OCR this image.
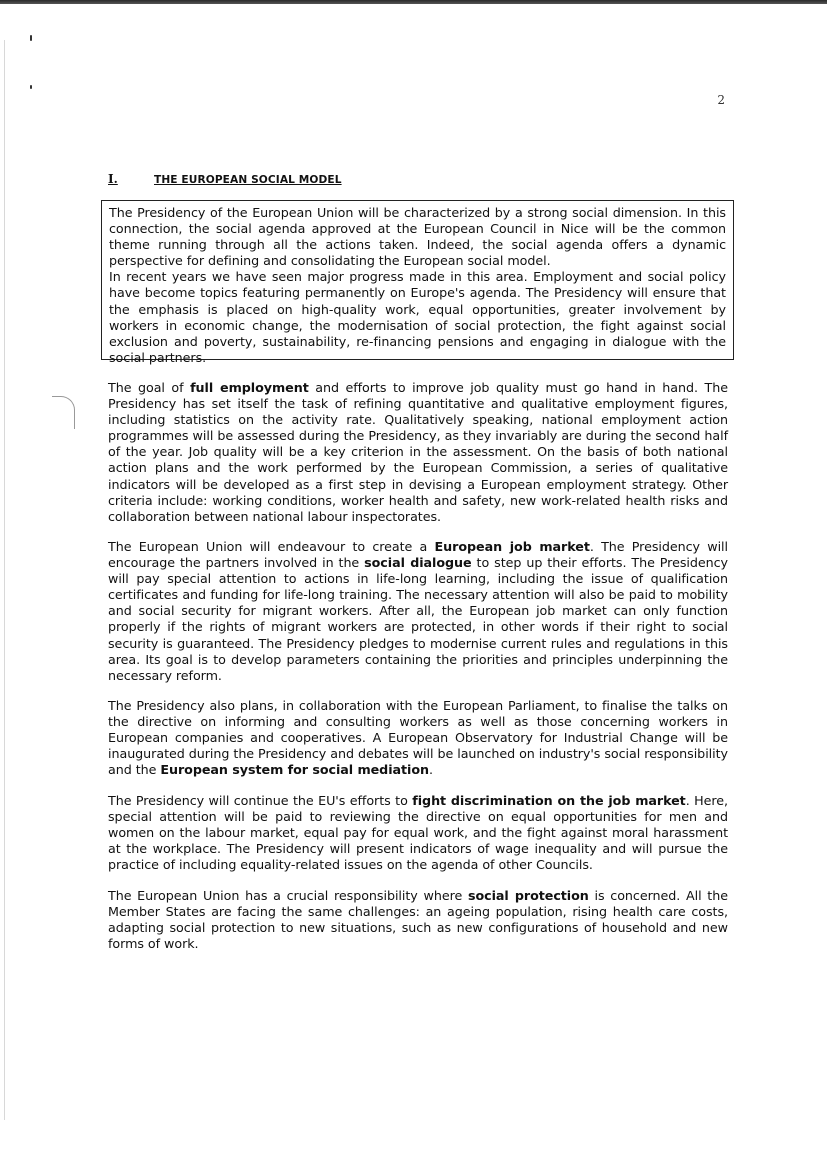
2
I.	THE EUROPEAN SOCIAL MODEL

The Presidency of the European Union will be characterized by a strong social dimension. In this connection, the social agenda approved at the European Council in Nice will be the common theme running through all the actions taken. Indeed, the social agenda offers a dynamic perspective for defining and consolidating the European social model.

In recent years we have seen major progress made in this area. Employment and social policy have become topics featuring permanently on Europe's agenda. The Presidency will ensure that the emphasis is placed on high-quality work, equal opportunities, greater involvement by workers in economic change, the modernisation of social protection, the fight against social exclusion and poverty, sustainability, re-financing pensions and engaging in dialogue with the social partners.

The goal of full employment and efforts to improve job quality must go hand in hand. The Presidency has set itself the task of refining quantitative and qualitative employment figures, including statistics on the activity rate. Qualitatively speaking, national employment action programmes will be assessed during the Presidency, as they invariably are during the second half of the year. Job quality will be a key criterion in the assessment. On the basis of both national action plans and the work performed by the European Commission, a series of qualitative indicators will be developed as a first step in devising a European employment strategy. Other criteria include: working conditions, worker health and safety, new work-related health risks and collaboration between national labour inspectorates.

The European Union will endeavour to create a European job market. The Presidency will encourage the partners involved in the social dialogue to step up their efforts. The Presidency will pay special attention to actions in life-long learning, including the issue of qualification certificates and funding for life-long training. The necessary attention will also be paid to mobility and social security for migrant workers. After all, the European job market can only function properly if the rights of migrant workers are protected, in other words if their right to social security is guaranteed. The Presidency pledges to modernise current rules and regulations in this area. Its goal is to develop parameters containing the priorities and principles underpinning the necessary reform.

The Presidency also plans, in collaboration with the European Parliament, to finalise the talks on the directive on informing and consulting workers as well as those concerning workers in European companies and cooperatives. A European Observatory for Industrial Change will be inaugurated during the Presidency and debates will be launched on industry's social responsibility and the European system for social mediation.

The Presidency will continue the EU's efforts to fight discrimination on the job market. Here, special attention will be paid to reviewing the directive on equal opportunities for men and women on the labour market, equal pay for equal work, and the fight against moral harassment at the workplace. The Presidency will present indicators of wage inequality and will pursue the practice of including equality-related issues on the agenda of other Councils.

The European Union has a crucial responsibility where social protection is concerned. All the Member States are facing the same challenges: an ageing population, rising health care costs, adapting social protection to new situations, such as new configurations of household and new forms of work.
